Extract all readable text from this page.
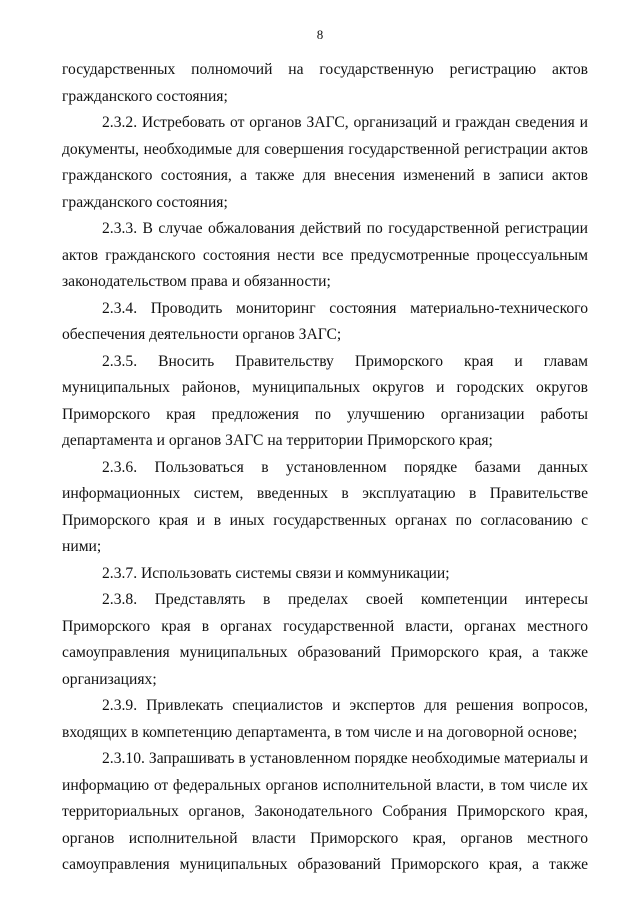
8

государственных полномочий на государственную регистрацию актов гражданского состояния;

2.3.2. Истребовать от органов ЗАГС, организаций и граждан сведения и документы, необходимые для совершения государственной регистрации актов гражданского состояния, а также для внесения изменений в записи актов гражданского состояния;

2.3.3. В случае обжалования действий по государственной регистрации актов гражданского состояния нести все предусмотренные процессуальным законодательством права и обязанности;

2.3.4. Проводить мониторинг состояния материально-технического обеспечения деятельности органов ЗАГС;

2.3.5. Вносить Правительству Приморского края и главам муниципальных районов, муниципальных округов и городских округов Приморского края предложения по улучшению организации работы департамента и органов ЗАГС на территории Приморского края;

2.3.6. Пользоваться в установленном порядке базами данных информационных систем, введенных в эксплуатацию в Правительстве Приморского края и в иных государственных органах по согласованию с ними;

2.3.7. Использовать системы связи и коммуникации;

2.3.8. Представлять в пределах своей компетенции интересы Приморского края в органах государственной власти, органах местного самоуправления муниципальных образований Приморского края, а также организациях;

2.3.9. Привлекать специалистов и экспертов для решения вопросов, входящих в компетенцию департамента, в том числе и на договорной основе;

2.3.10. Запрашивать в установленном порядке необходимые материалы и информацию от федеральных органов исполнительной власти, в том числе их территориальных органов, Законодательного Собрания Приморского края, органов исполнительной власти Приморского края, органов местного самоуправления муниципальных образований Приморского края, а также
